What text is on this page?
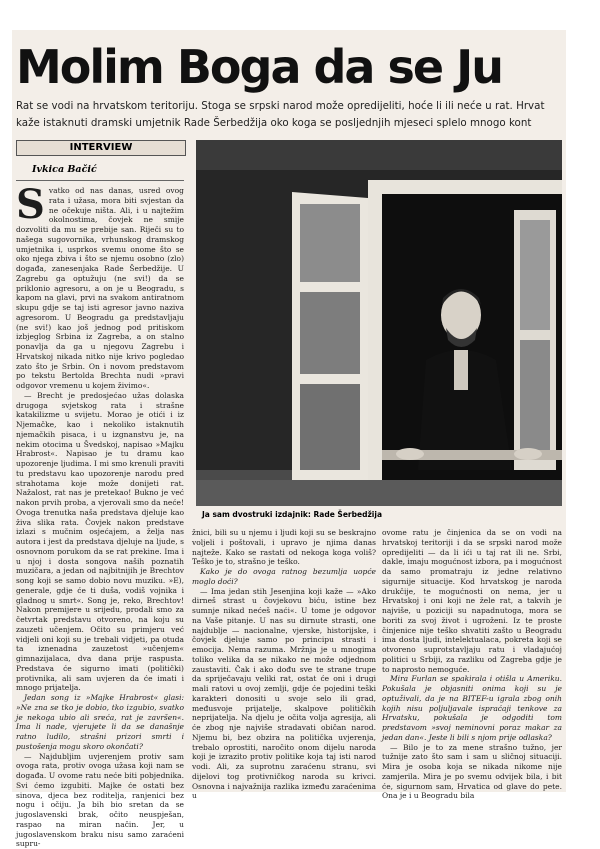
Molim Boga da se Ju
Rat se vodi na hrvatskom teritoriju. Stoga se srpski narod može opredijeliti, hoće li ili neće u rat. Hrvat
kaže istaknuti dramski umjetnik Rade Šerbedžija oko koga se posljednjih mjeseci splelo mnogo kont
INTERVIEW
Ivkica Bačić
S vatko od nas danas, usred ovog rata i užasa, mora biti svjestan da ne očekuje ništa. Ali, i u najtežim okolnostima, čovjek ne smije dozvoliti da mu se prebije san. Riječi su to našega sugovornika, vrhunskog dramskog umjetnika i, usprkos svemu onome što se oko njega zbiva i što se njemu osobno (zlo) događa, zanesenjaka Rade Šerbedžije. U Zagrebu ga optužuju (ne svi!) da se priklonio agresoru, a on je u Beogradu, s kapom na glavi, prvi na svakom antiratnom skupu gdje se taj isti agresor javno naziva agresorom. U Beogradu ga predstavljaju (ne svi!) kao još jednog pod pritiskom izbjeglog Srbina iz Zagreba, a on stalno ponavlja da ga u njegovu Zagrebu i Hrvatskoj nikada nitko nije krivo pogledao zato što je Srbin. On i novom predstavom po tekstu Bertolda Brechta nudi »pravi odgovor vremenu u kojem živimo«.

— Brecht je predosjećao užas dolaska drugoga svjetskog rata i strašne katakilizme u svijetu. Morao je otići i iz Njemačke, kao i nekoliko istaknutih njemačkih pisaca, i u izgnanstvu je, na nekim otocima u Švedskoj, napisao »Majku Hrabrost«. Napisao je tu dramu kao upozorenje ljudima. I mi smo krenuli praviti tu predstavu kao upozorenje narodu pred strahotama koje može donijeti rat. Nažalost, rat nas je pretekao! Bukno je već nakon prvih proba, a vjerovali smo da neće! Ovoga trenutka naša predstava djeluje kao živa slika rata. Čovjek nakon predstave izlazi s mučnim osjećajem, a želja nas autora i jest da predstava djeluje na ljude, s osnovnom porukom da se rat prekine. Ima i u njoj i dosta songova naših poznatih muzičara, a jedan od najbitnijih je Brechtov song koji se samo dobio novu muziku. »E), generale, gdje će ti duša, vodiš vojnika i gladnog u smrt«. Song je, reko, Brechtov! Nakon premijere u srijedu, prodali smo za četvrtak predstavu otvoreno, na koju su zauzeti učenjem. Očito su primjeru već vidjeli oni koji su je trebali vidjeti, pa otuda ta iznenadna zauzetost »učenjem« gimnazijalaca, dva dana prije raspusta. Predstava će sigurno imati (politički) protivnika, ali sam uvjeren da će imati i mnogo prijatelja.

Jedan song iz »Majke Hrabrost« glasi: »Ne zna se tko je dobio, tko izgubio, svatko je nekoga ubio ali sreća, rat je završen«. Ima li nade, vjerujete li da se današnje ratno ludilo, strašni prizori smrti i pustošenja mogu skoro okončati?

— Najdubljim uvjerenjem protiv sam ovoga rata, protiv ovoga užasa koji nam se događa. U ovome ratu neće biti pobjednika. Svi ćemo izgubiti. Majke će ostati bez sinova, djeca bez roditelja, ranjenici bez nogu i očiju. Ja bih bio sretan da se jugoslavenski brak, očito neuspješan, raspao na miran način. Jer, u jugoslavenskom braku nisu samo zaraćeni supru-

Ja sam dvostruki izdajnik: Rade Šerbedžija

žnici, bili su u njemu i ljudi koji su se beskrajno voljeli i poštovali, i upravo je njima danas najteže. Kako se rastati od nekoga koga voliš? Teško je to, strašno je teško.

Kako je do ovoga ratnog bezumlja uopće moglo doći?

— Ima jedan stih Jesenjina koji kaže — »Ako dirneš strast u čovjekovu biću, istine bez sumnje nikad nećeš naći«. U tome je odgovor na Vaše pitanje. U nas su dirnute strasti, one najdublje — nacionalne, vjerske, historijske, i čovjek djeluje samo po principu strasti i emocija. Nema razuma. Mržnja je u mnogima toliko velika da se nikako ne može odjednom zaustaviti. Čak i ako dođu sve te strane trupe da spriječavaju veliki rat, ostat će oni i drugi mali ratovi u ovoj zemlji, gdje će pojedini teški karakteri donositi u svoje selo ili grad, međusvoje prijatelje, skalpove političkih neprijatelja. Na djelu je očita volja agresija, ali će zbog nje najviše stradavati običan narod. Njemu bi, bez obzira na politička uvjerenja, trebalo oprostiti, naročito onom dijelu naroda koji je izrazito protiv politike koja taj isti narod vodi. Ali, za suprotnu zaraćenu stranu, svi dijelovi tog protivničkog naroda su krivci. Osnovna i najvažnija razlika između zaraćenima u

ovome ratu je činjenica da se on vodi na hrvatskoj teritoriji i da se srpski narod može opredijeliti — da li ići u taj rat ili ne. Srbi, dakle, imaju mogućnost izbora, pa i mogućnost da samo promatraju iz jedne relativno sigurnije situacije. Kod hrvatskog je naroda drukčije, te mogućnosti on nema, jer u Hrvatskoj i oni koji ne žele rat, a takvih je najviše, u poziciji su napadnutoga, mora se boriti za svoj život i ugroženi. Iz te proste činjenice nije teško shvatiti zašto u Beogradu ima dosta ljudi, intelektualaca, pokreta koji se otvoreno suprotstavljaju ratu i vladajućoj politici u Srbiji, za razliku od Zagreba gdje je to naprosto nemoguće.

Mira Furlan se spakirala i otišla u Ameriku. Pokušala je objasniti onima koji su je optuživali, da je na BITEF-u igrala zbog onih kojih nisu poljuljavale ispraćaji tenkove za Hrvatsku, pokušala je odgoditi tom predstavom »svoj neminovni poraz makar za jedan dan«. Jeste li bili s njom prije odlaska?

— Bilo je to za mene strašno tužno, jer tužnije zato što sam i sam u sličnoj situaciji. Mira je osoba koja se nikada nikome nije zamjerila. Mira je po svemu odvijek bila, i bit će, sigurnom sam, Hrvatica od glave do pete. Ona je i u Beogradu bila
